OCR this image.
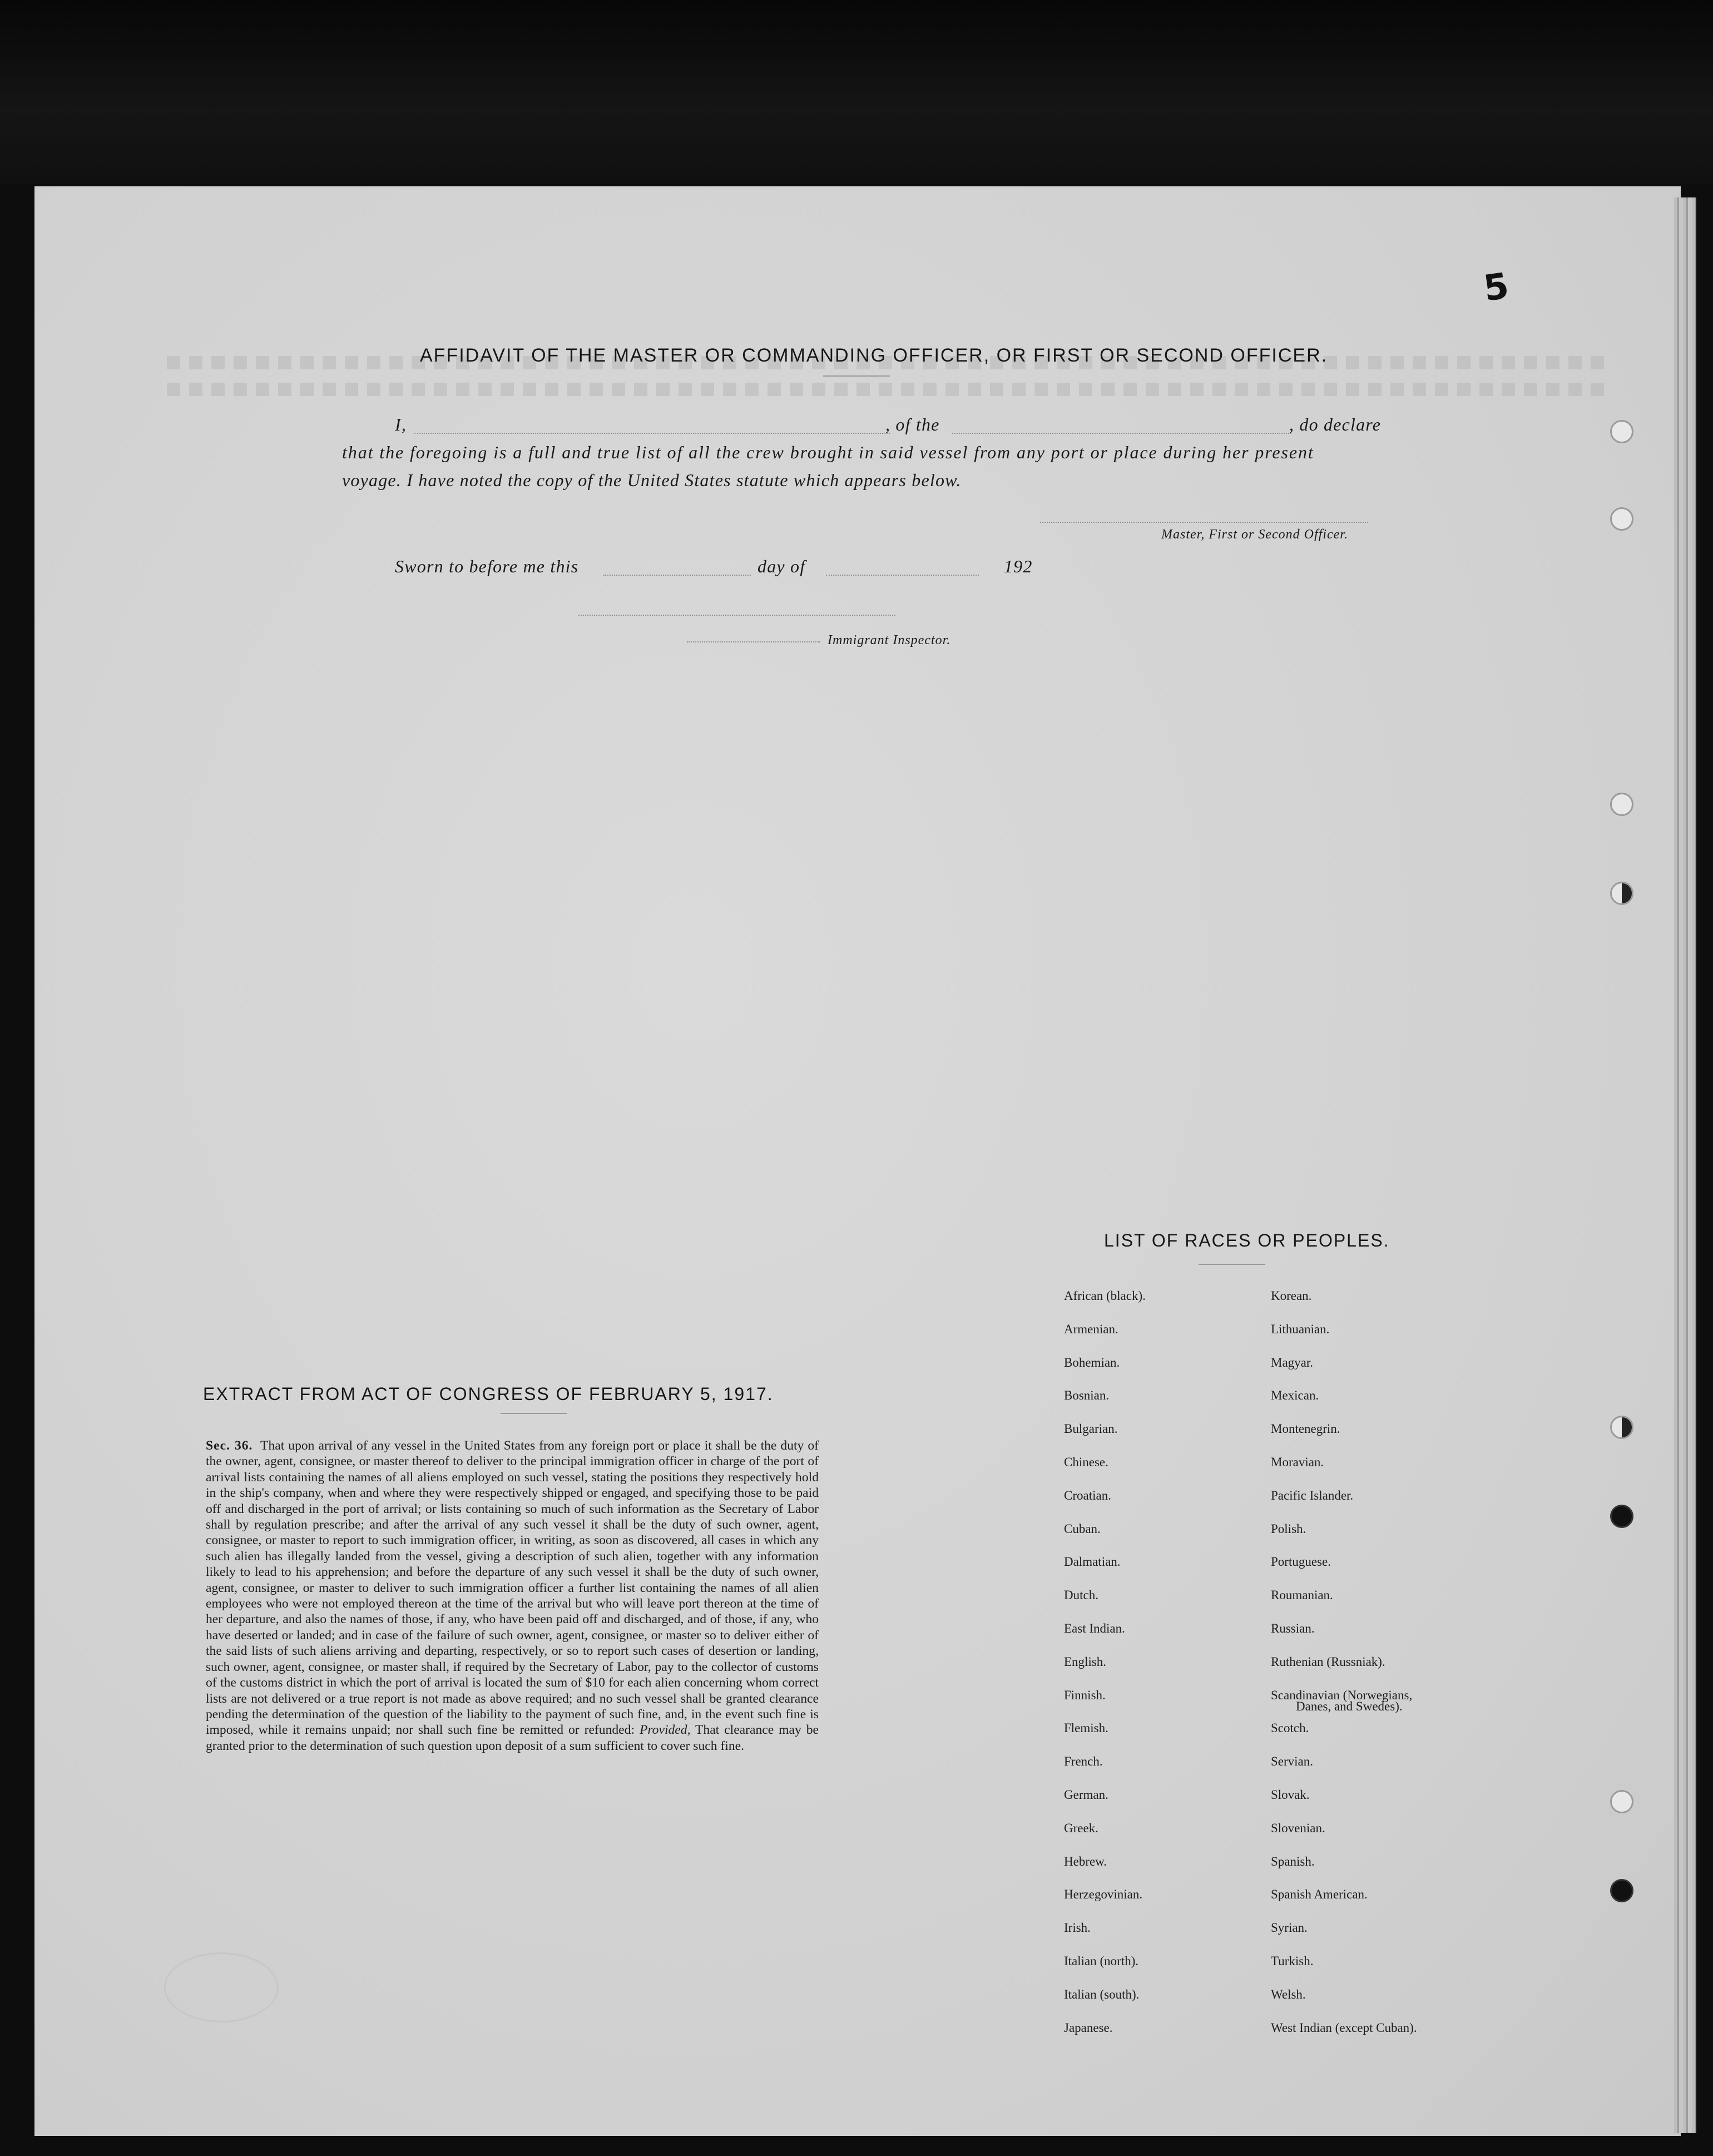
5
AFFIDAVIT OF THE MASTER OR COMMANDING OFFICER, OR FIRST OR SECOND OFFICER.
I,	, of the	, do declare
that the foregoing is a full and true list of all the crew brought in said vessel from any port or place during her present
voyage. I have noted the copy of the United States statute which appears below.
Master, First or Second Officer.
Sworn to before me this	day of	192
Immigrant Inspector.
EXTRACT FROM ACT OF CONGRESS OF FEBRUARY 5, 1917.
Sec. 36. That upon arrival of any vessel in the United States from any foreign port or place it shall be the duty of the owner, agent, consignee, or master thereof to deliver to the principal immigration officer in charge of the port of arrival lists containing the names of all aliens employed on such vessel, stating the positions they respectively hold in the ship's company, when and where they were respectively shipped or engaged, and specifying those to be paid off and discharged in the port of arrival; or lists containing so much of such information as the Secretary of Labor shall by regulation prescribe; and after the arrival of any such vessel it shall be the duty of such owner, agent, consignee, or master to report to such immigration officer, in writing, as soon as discovered, all cases in which any such alien has illegally landed from the vessel, giving a description of such alien, together with any information likely to lead to his apprehension; and before the departure of any such vessel it shall be the duty of such owner, agent, consignee, or master to deliver to such immigration officer a further list containing the names of all alien employees who were not employed thereon at the time of the arrival but who will leave port thereon at the time of her departure, and also the names of those, if any, who have been paid off and discharged, and of those, if any, who have deserted or landed; and in case of the failure of such owner, agent, consignee, or master so to deliver either of the said lists of such aliens arriving and departing, respectively, or so to report such cases of desertion or landing, such owner, agent, consignee, or master shall, if required by the Secretary of Labor, pay to the collector of customs of the customs district in which the port of arrival is located the sum of $10 for each alien concerning whom correct lists are not delivered or a true report is not made as above required; and no such vessel shall be granted clearance pending the determination of the question of the liability to the payment of such fine, and, in the event such fine is imposed, while it remains unpaid; nor shall such fine be remitted or refunded: Provided, That clearance may be granted prior to the determination of such question upon deposit of a sum sufficient to cover such fine.
LIST OF RACES OR PEOPLES.
African (black).
Armenian.
Bohemian.
Bosnian.
Bulgarian.
Chinese.
Croatian.
Cuban.
Dalmatian.
Dutch.
East Indian.
English.
Finnish.
Flemish.
French.
German.
Greek.
Hebrew.
Herzegovinian.
Irish.
Italian (north).
Italian (south).
Japanese.
Korean.
Lithuanian.
Magyar.
Mexican.
Montenegrin.
Moravian.
Pacific Islander.
Polish.
Portuguese.
Roumanian.
Russian.
Ruthenian (Russniak).
Scandinavian (Norwegians,
Scotch.
Servian.
Slovak.
Slovenian.
Spanish.
Spanish American.
Syrian.
Turkish.
Welsh.
West Indian (except Cuban).
Danes, and Swedes).
